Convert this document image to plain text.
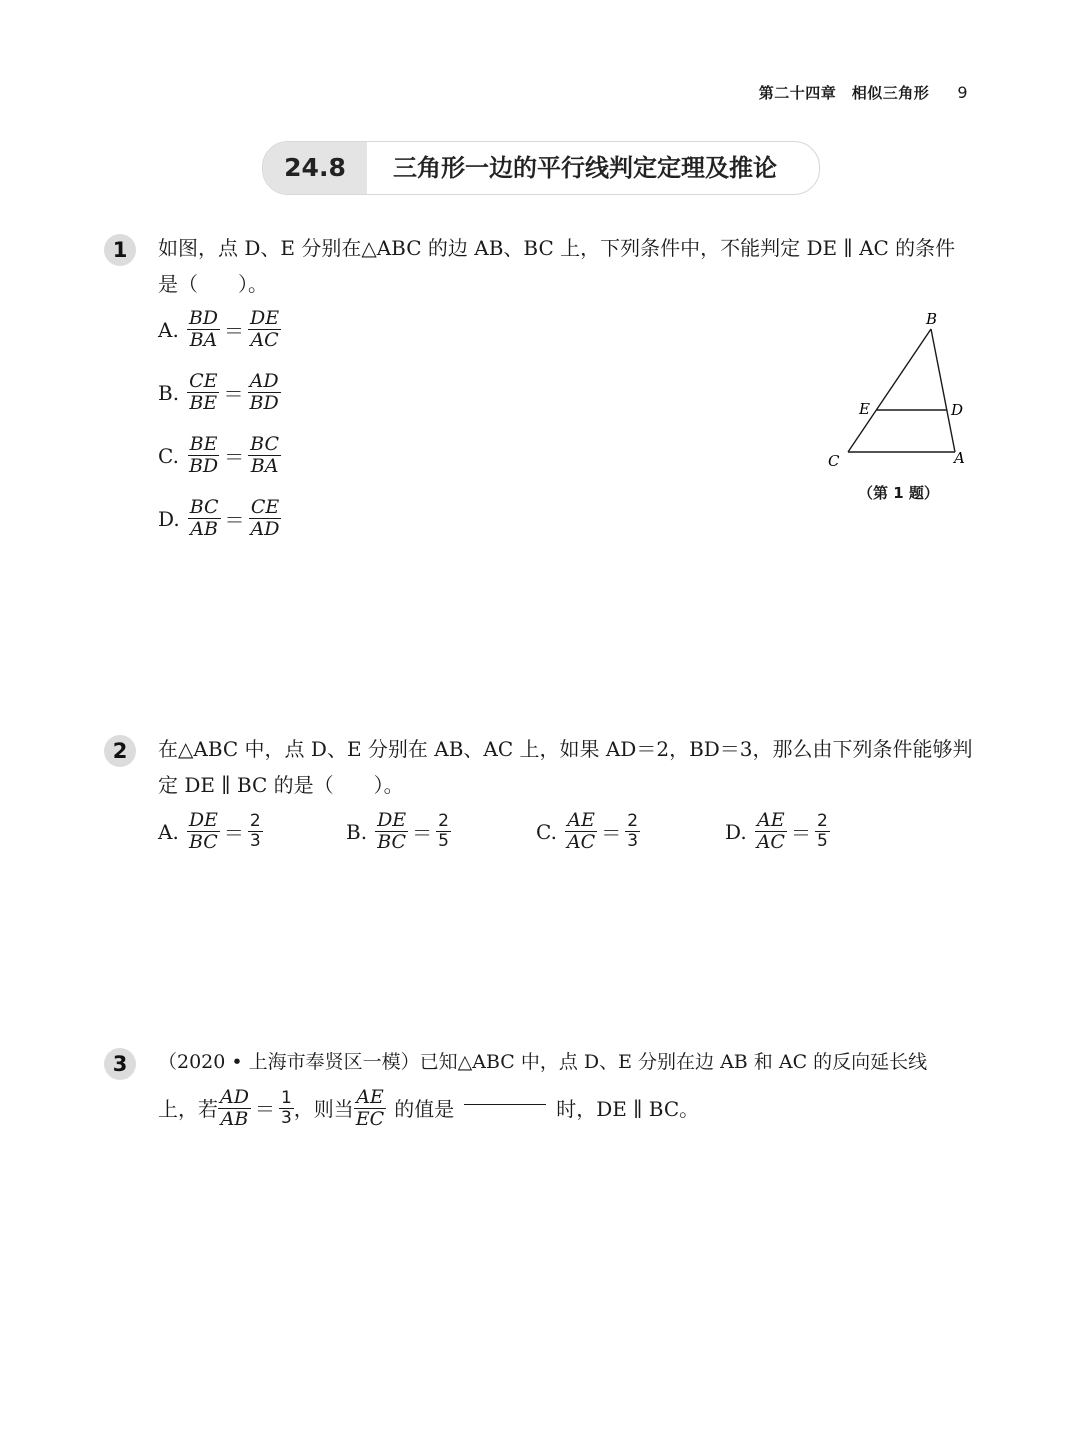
第二十四章　相似三角形 9
24.8	三角形一边的平行线判定定理及推论
1	如图，点 D、E 分别在△ABC 的边 AB、BC 上，下列条件中，不能判定 DE ∥ AC 的条件
是（　　）。
A. $\frac{BD}{BA} = \frac{DE}{AC}$
B. $\frac{CE}{BE} = \frac{AD}{BD}$
C. $\frac{BE}{BD} = \frac{BC}{BA}$
D. $\frac{BC}{AB} = \frac{CE}{AD}$
B
E	D
C	A
（第 1 题）
2	在△ABC 中，点 D、E 分别在 AB、AC 上，如果 AD＝2，BD＝3，那么由下列条件能够判
定 DE ∥ BC 的是（　　）。
A. $\frac{DE}{BC} = \frac{2}{3}$	B. $\frac{DE}{BC} = \frac{2}{5}$	C. $\frac{AE}{AC} = \frac{2}{3}$	D. $\frac{AE}{AC} = \frac{2}{5}$
3	（2020 • 上海市奉贤区一模）已知△ABC 中，点 D、E 分别在边 AB 和 AC 的反向延长线
上，若 $\frac{AD}{AB} = \frac{1}{3}$ ，则当 $\frac{AE}{EC}$ 的值是	时，DE ∥ BC。
